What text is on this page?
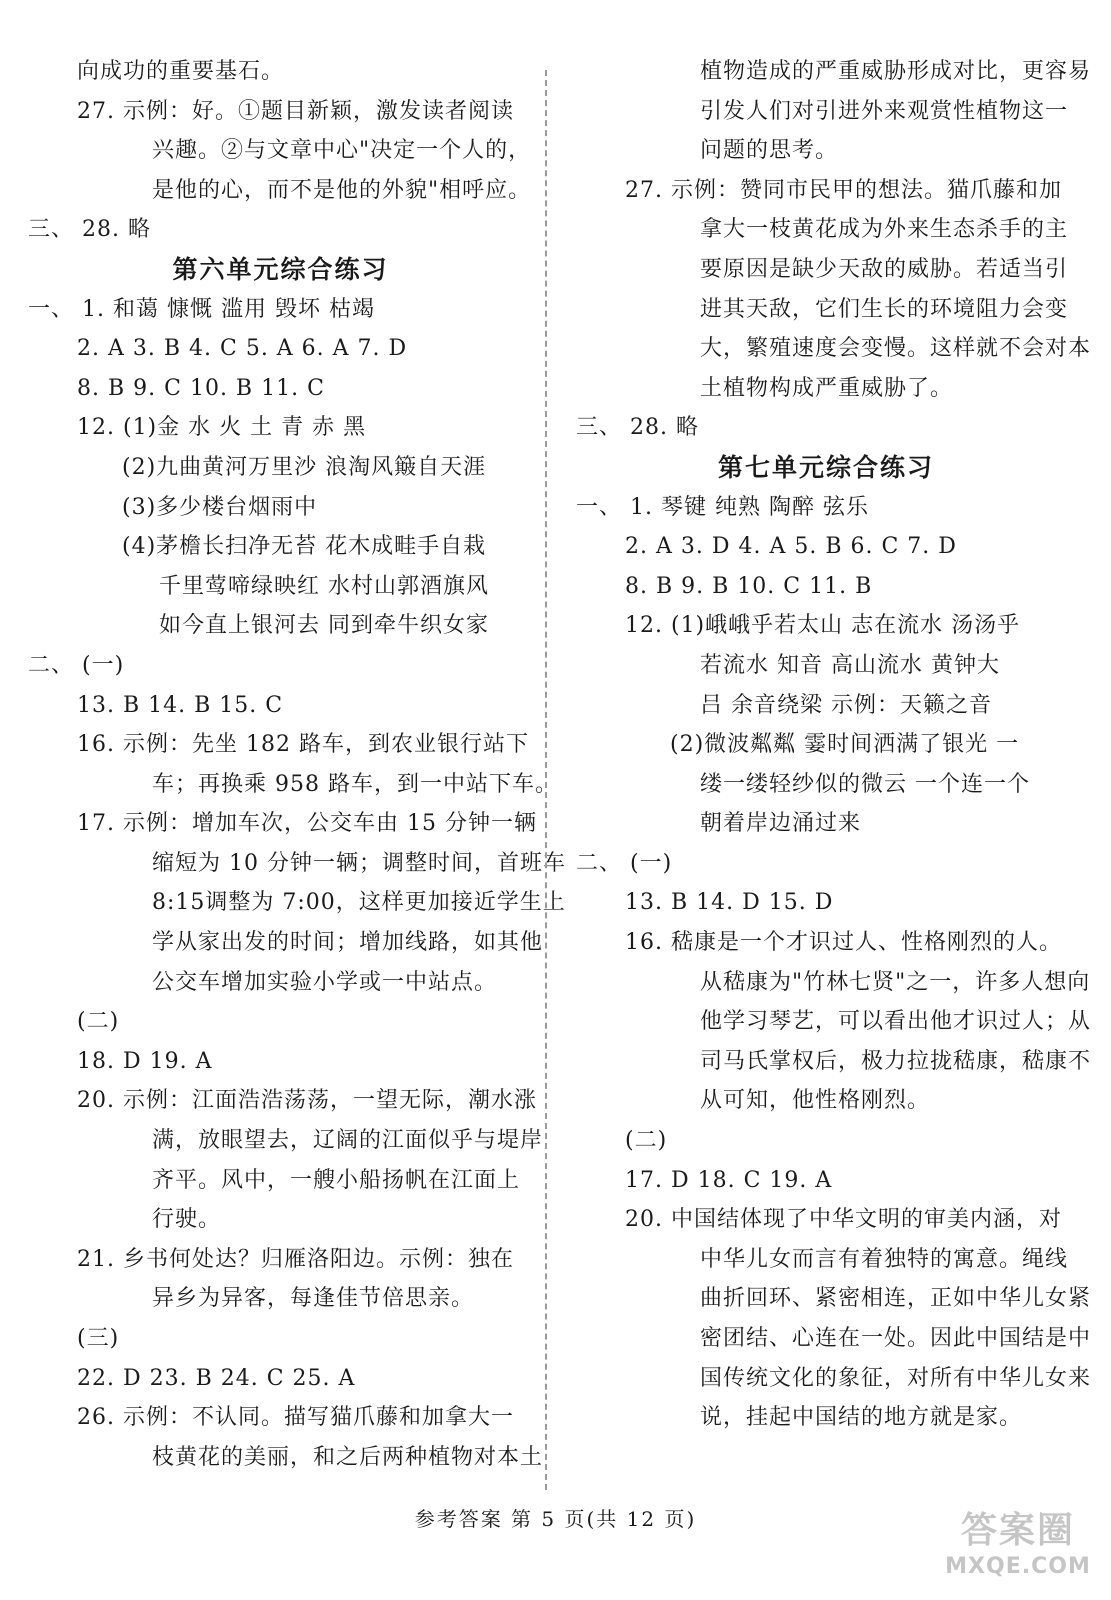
向成功的重要基石。
27. 示例：好。①题目新颖，激发读者阅读
兴趣。②与文章中心"决定一个人的，
是他的心，而不是他的外貌"相呼应。
三、 28. 略
第六单元综合练习
一、 1. 和蔼 慷慨 滥用 毁坏 枯竭
2. A 3. B 4. C 5. A 6. A 7. D
8. B 9. C 10. B 11. C
12. (1)金 水 火 土 青 赤 黑
(2)九曲黄河万里沙 浪淘风簸自天涯
(3)多少楼台烟雨中
(4)茅檐长扫净无苔 花木成畦手自栽
千里莺啼绿映红 水村山郭酒旗风
如今直上银河去 同到牵牛织女家
二、 (一)
13. B 14. B 15. C
16. 示例：先坐 182 路车，到农业银行站下
车；再换乘 958 路车，到一中站下车。
17. 示例：增加车次，公交车由 15 分钟一辆
缩短为 10 分钟一辆；调整时间，首班车
8:15调整为 7:00，这样更加接近学生上
学从家出发的时间；增加线路，如其他
公交车增加实验小学或一中站点。
(二)
18. D 19. A
20. 示例：江面浩浩荡荡，一望无际，潮水涨
满，放眼望去，辽阔的江面似乎与堤岸
齐平。风中，一艘小船扬帆在江面上
行驶。
21. 乡书何处达？归雁洛阳边。示例：独在
异乡为异客，每逢佳节倍思亲。
(三)
22. D 23. B 24. C 25. A
26. 示例：不认同。描写猫爪藤和加拿大一
枝黄花的美丽，和之后两种植物对本土
植物造成的严重威胁形成对比，更容易
引发人们对引进外来观赏性植物这一
问题的思考。
27. 示例：赞同市民甲的想法。猫爪藤和加
拿大一枝黄花成为外来生态杀手的主
要原因是缺少天敌的威胁。若适当引
进其天敌，它们生长的环境阻力会变
大，繁殖速度会变慢。这样就不会对本
土植物构成严重威胁了。
三、 28. 略
第七单元综合练习
一、 1. 琴键 纯熟 陶醉 弦乐
2. A 3. D 4. A 5. B 6. C 7. D
8. B 9. B 10. C 11. B
12. (1)峨峨乎若太山 志在流水 汤汤乎
若流水 知音 高山流水 黄钟大
吕 余音绕梁 示例：天籁之音
(2)微波粼粼 霎时间洒满了银光 一
缕一缕轻纱似的微云 一个连一个
朝着岸边涌过来
二、 (一)
13. B 14. D 15. D
16. 嵇康是一个才识过人、性格刚烈的人。
从嵇康为"竹林七贤"之一，许多人想向
他学习琴艺，可以看出他才识过人；从
司马氏掌权后，极力拉拢嵇康，嵇康不
从可知，他性格刚烈。
(二)
17. D 18. C 19. A
20. 中国结体现了中华文明的审美内涵，对
中华儿女而言有着独特的寓意。绳线
曲折回环、紧密相连，正如中华儿女紧
密团结、心连在一处。因此中国结是中
国传统文化的象征，对所有中华儿女来
说，挂起中国结的地方就是家。
参考答案 第 5 页(共 12 页)	答案圈
MXQE.COM
